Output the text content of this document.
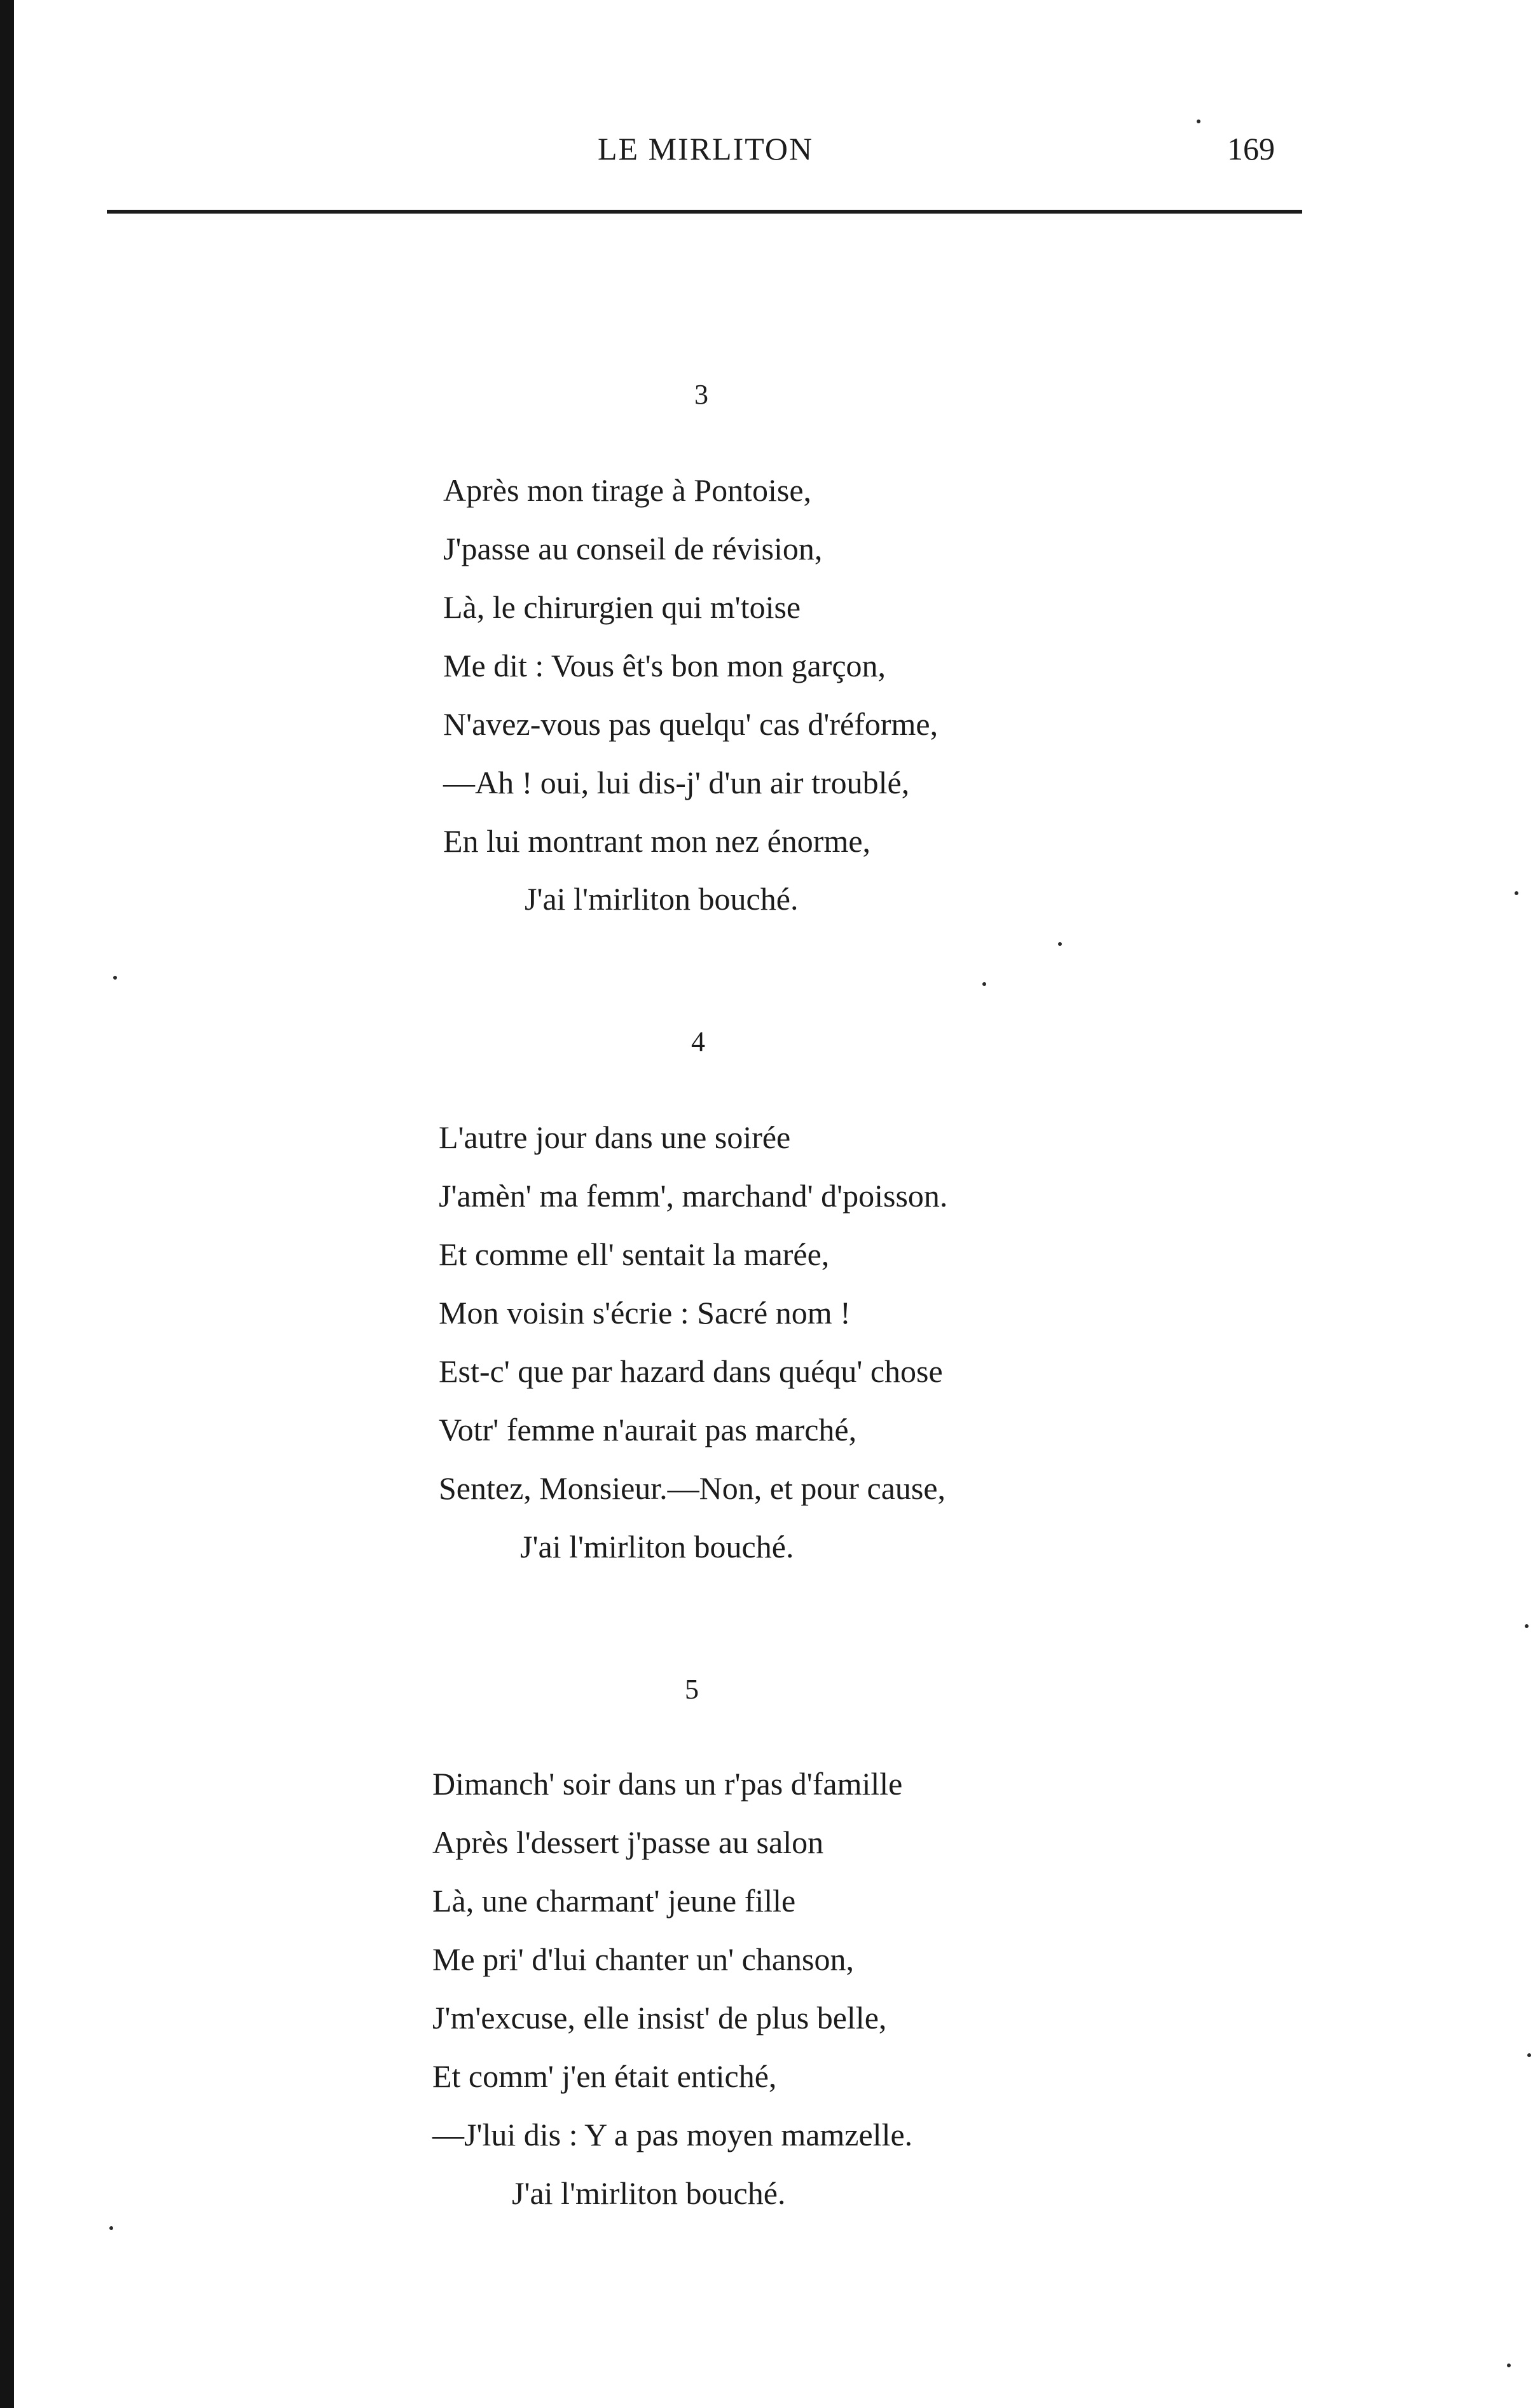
LE MIRLITON	169
3
Après mon tirage à Pontoise,
J'passe au conseil de révision,
Là, le chirurgien qui m'toise
Me dit : Vous êt's bon mon garçon,
N'avez-vous pas quelqu' cas d'réforme,
—Ah ! oui, lui dis-j' d'un air troublé,
En lui montrant mon nez énorme,
J'ai l'mirliton bouché.
4
L'autre jour dans une soirée
J'amèn' ma femm', marchand' d'poisson.
Et comme ell' sentait la marée,
Mon voisin s'écrie : Sacré nom !
Est-c' que par hazard dans quéqu' chose
Votr' femme n'aurait pas marché,
Sentez, Monsieur.—Non, et pour cause,
J'ai l'mirliton bouché.
5
Dimanch' soir dans un r'pas d'famille
Après l'dessert j'passe au salon
Là, une charmant' jeune fille
Me pri' d'lui chanter un' chanson,
J'm'excuse, elle insist' de plus belle,
Et comm' j'en était entiché,
—J'lui dis : Y a pas moyen mamzelle.
J'ai l'mirliton bouché.
